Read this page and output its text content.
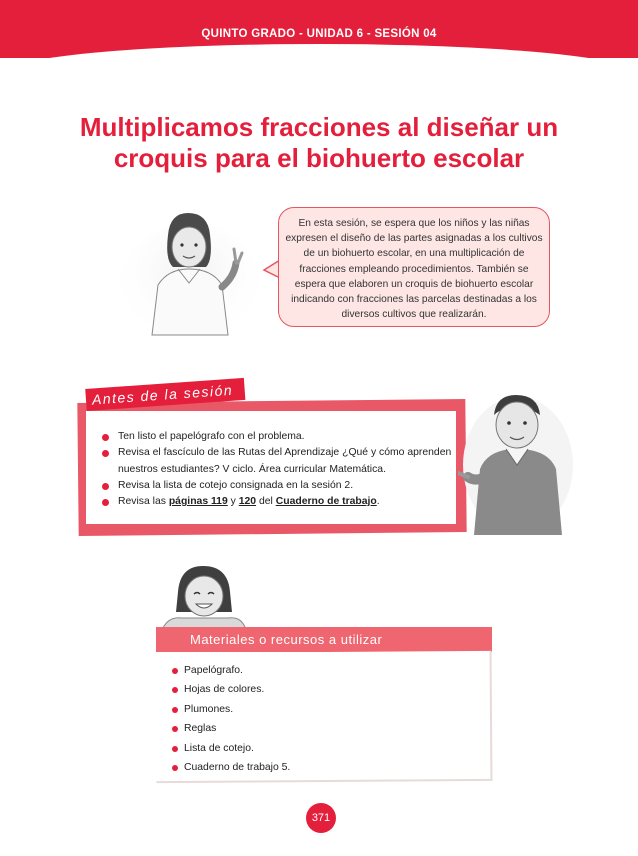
QUINTO GRADO - UNIDAD 6 - SESIÓN 04
Multiplicamos fracciones al diseñar un
croquis para el biohuerto escolar
En esta sesión, se espera que los niños y las niñas expresen el diseño de las partes asignadas a los cultivos de un biohuerto escolar, en una multiplicación de fracciones empleando procedimientos. También se espera que elaboren un croquis de biohuerto escolar indicando con fracciones las parcelas destinadas a los diversos cultivos que realizarán.
Antes de la sesión
Ten listo el papelógrafo con el problema.
Revisa el fascículo de las Rutas del Aprendizaje ¿Qué y cómo aprenden nuestros estudiantes? V ciclo. Área curricular Matemática.
Revisa la lista de cotejo consignada en la sesión 2.
Revisa las páginas 119 y 120 del Cuaderno de trabajo.
Materiales o recursos a utilizar
Papelógrafo.
Hojas de colores.
Plumones.
Reglas
Lista de cotejo.
Cuaderno de trabajo 5.
371
